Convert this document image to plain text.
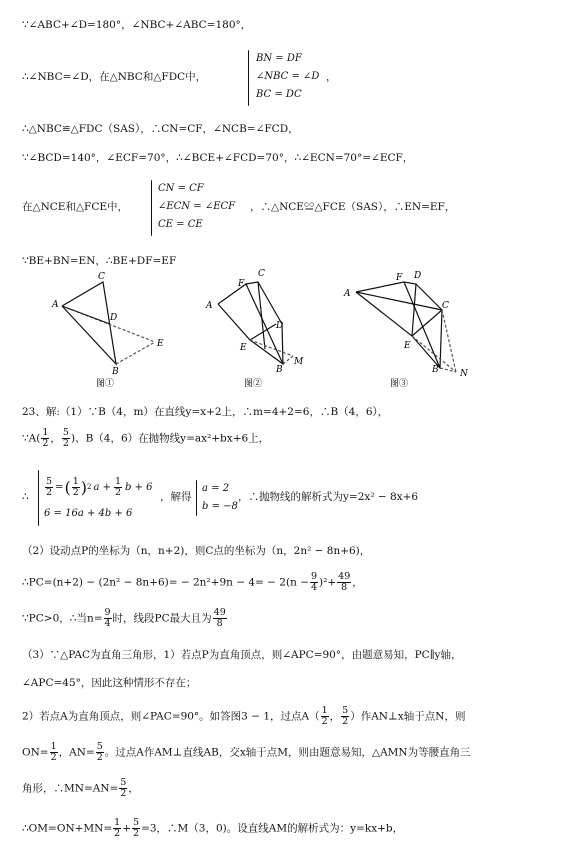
∵∠ABC+∠D=180°，∠NBC+∠ABC=180°，
∴∠NBC=∠D，在△NBC和△FDC中，
BN = DF
∠NBC = ∠D
BC = DC
，
∴△NBC≌△FDC（SAS），∴CN=CF，∠NCB=∠FCD，
∵∠BCD=140°，∠ECF=70°，∴∠BCE+∠FCD=70°，∴∠ECN=70°=∠ECF，
在△NCE和△FCE中，
CN = CF
∠ECN = ∠ECF
CE = CE
，∴△NCE≌△FCE（SAS），∴EN=EF，
∵BE+BN=EN，∴BE+DF=EF
A
C
D
E
B
图①
F
C
A
D
E
B
M
图②
F D
A
C
E
B N
图③
23、解:（1）∵B（4，m）在直线y=x+2上，∴m=4+2=6，∴B（4，6），
∵A( $\frac{1}{2}$ ， $\frac{5}{2}$ )、B（4，6）在抛物线y=ax²+bx+6上，
∴ $\frac{5}{2}$ = ( $\frac{1}{2}$ ) 2 $a + \frac{1}{2}$ b + 6
6 = 16a + 4b + 6
，解得
a = 2
b = −8
，∴抛物线的解析式为y=2x² − 8x+6
（2）设动点P的坐标为（n，n+2)，则C点的坐标为（n，2n² − 8n+6)，
∴PC=(n+2) − $(2n^2 - 8n+6)= - 2n^2+9n - 4= - 2(n - \frac{9}{4} )^2+ \frac{49}{8}$ ，
∵PC>0，∴当$n= \frac{9}{4}$ 时，线段PC最大且为 $\frac{49}{8}$
（3）∵△PAC为直角三角形，1）若点P为直角顶点，则∠APC=90°，由题意易知，PC∥y轴，
∠APC=45°，因此这种情形不存在；
2）若点A为直角顶点，则∠PAC=90°。如答图3 − 1，过点$A( \frac{1}{2}$ ， $\frac{5}{2}$ ）作AN⊥x轴于点N，则
$ON= \frac{1}{2}$ ，$AN= \frac{5}{2}$ 。过点A作AM⊥直线AB，交x轴于点M，则由题意易知，△AMN为等腰直角三
角形，∴MN=AN= $\frac{5}{2}$ ，
∴OM=ON+MN= $\frac{1}{2} + \frac{5}{2} =3$，∴M（3，0)。设直线AM的解析式为：y=kx+b，
